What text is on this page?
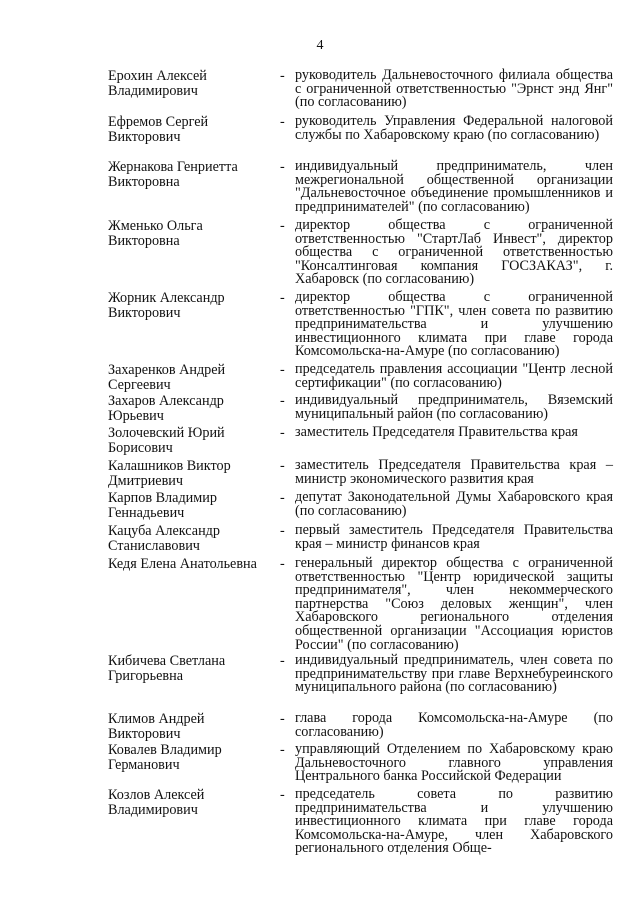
4
Ерохин Алексей Владимирович
- руководитель Дальневосточного филиала общества с ограниченной ответственностью "Эрнст энд Янг" (по согласованию)
Ефремов Сергей Викторович
- руководитель Управления Федеральной налоговой службы по Хабаровскому краю (по согласованию)
Жернакова Генриетта Викторовна
- индивидуальный предприниматель, член межрегиональной общественной организации "Дальневосточное объединение промышленников и предпринимателей" (по согласованию)
Жменько Ольга Викторовна
- директор общества с ограниченной ответственностью "СтартЛаб Инвест", директор общества с ограниченной ответственностью "Консалтинговая компания ГОСЗАКАЗ", г. Хабаровск (по согласованию)
Жорник Александр Викторович
- директор общества с ограниченной ответственностью "ГПК", член совета по развитию предпринимательства и улучшению инвестиционного климата при главе города Комсомольска-на-Амуре (по согласованию)
Захаренков Андрей Сергеевич
- председатель правления ассоциации "Центр лесной сертификации" (по согласованию)
Захаров Александр Юрьевич
- индивидуальный предприниматель, Вяземский муниципальный район (по согласованию)
Золочевский Юрий Борисович
- заместитель Председателя Правительства края
Калашников Виктор Дмитриевич
- заместитель Председателя Правительства края – министр экономического развития края
Карпов Владимир Геннадьевич
- депутат Законодательной Думы Хабаровского края (по согласованию)
Кацуба Александр Станиславович
- первый заместитель Председателя Правительства края – министр финансов края
Кедя Елена Анатольевна	- генеральный директор общества с ограниченной ответственностью "Центр юридической защиты предпринимателя", член некоммерческого партнерства "Союз деловых женщин", член Хабаровского регионального отделения общественной организации "Ассоциация юристов России" (по согласованию)
Кибичева Светлана Григорьевна
- индивидуальный предприниматель, член совета по предпринимательству при главе Верхнебуреинского муниципального района (по согласованию)
Климов Андрей Викторович
- глава города Комсомольска-на-Амуре (по согласованию)
Ковалев Владимир Германович
- управляющий Отделением по Хабаровскому краю Дальневосточного главного управления Центрального банка Российской Федерации
Козлов Алексей Владимирович
- председатель совета по развитию предпринимательства и улучшению инвестиционного климата при главе города Комсомольска-на-Амуре, член Хабаровского регионального отделения Обще-
